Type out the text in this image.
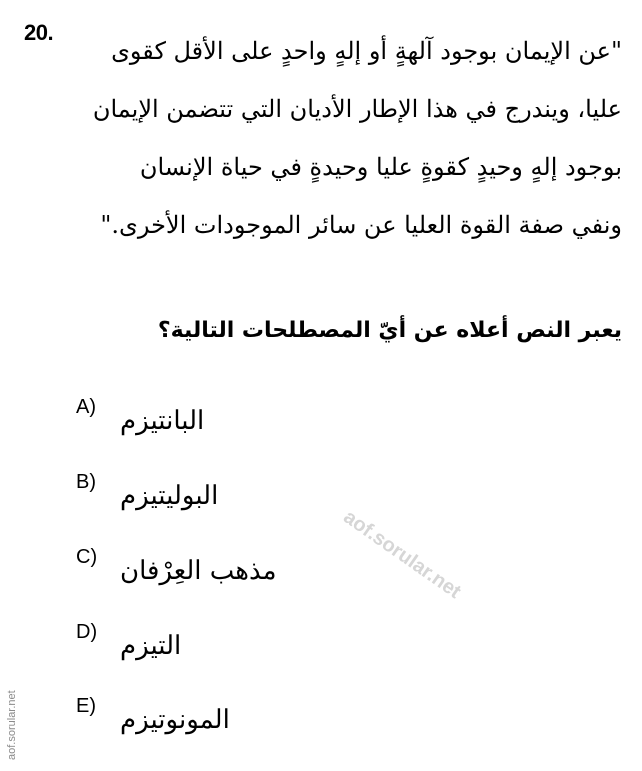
20.
"عن الإيمان بوجود آلهةٍ أو إلهٍ واحدٍ على الأقل كقوى
عليا، ويندرج في هذا الإطار الأديان التي تتضمن الإيمان
بوجود إلهٍ وحيدٍ كقوةٍ عليا وحيدةٍ في حياة الإنسان
ونفي صفة القوة العليا عن سائر الموجودات الأخرى."
يعبر النص أعلاه عن أيّ المصطلحات التالية؟
A) البانتيزم
B) البوليتيزم
C) مذهب العِرْفان
D) التيزم
E) المونوتيزم
aof.sorular.net
aof.sorular.net
